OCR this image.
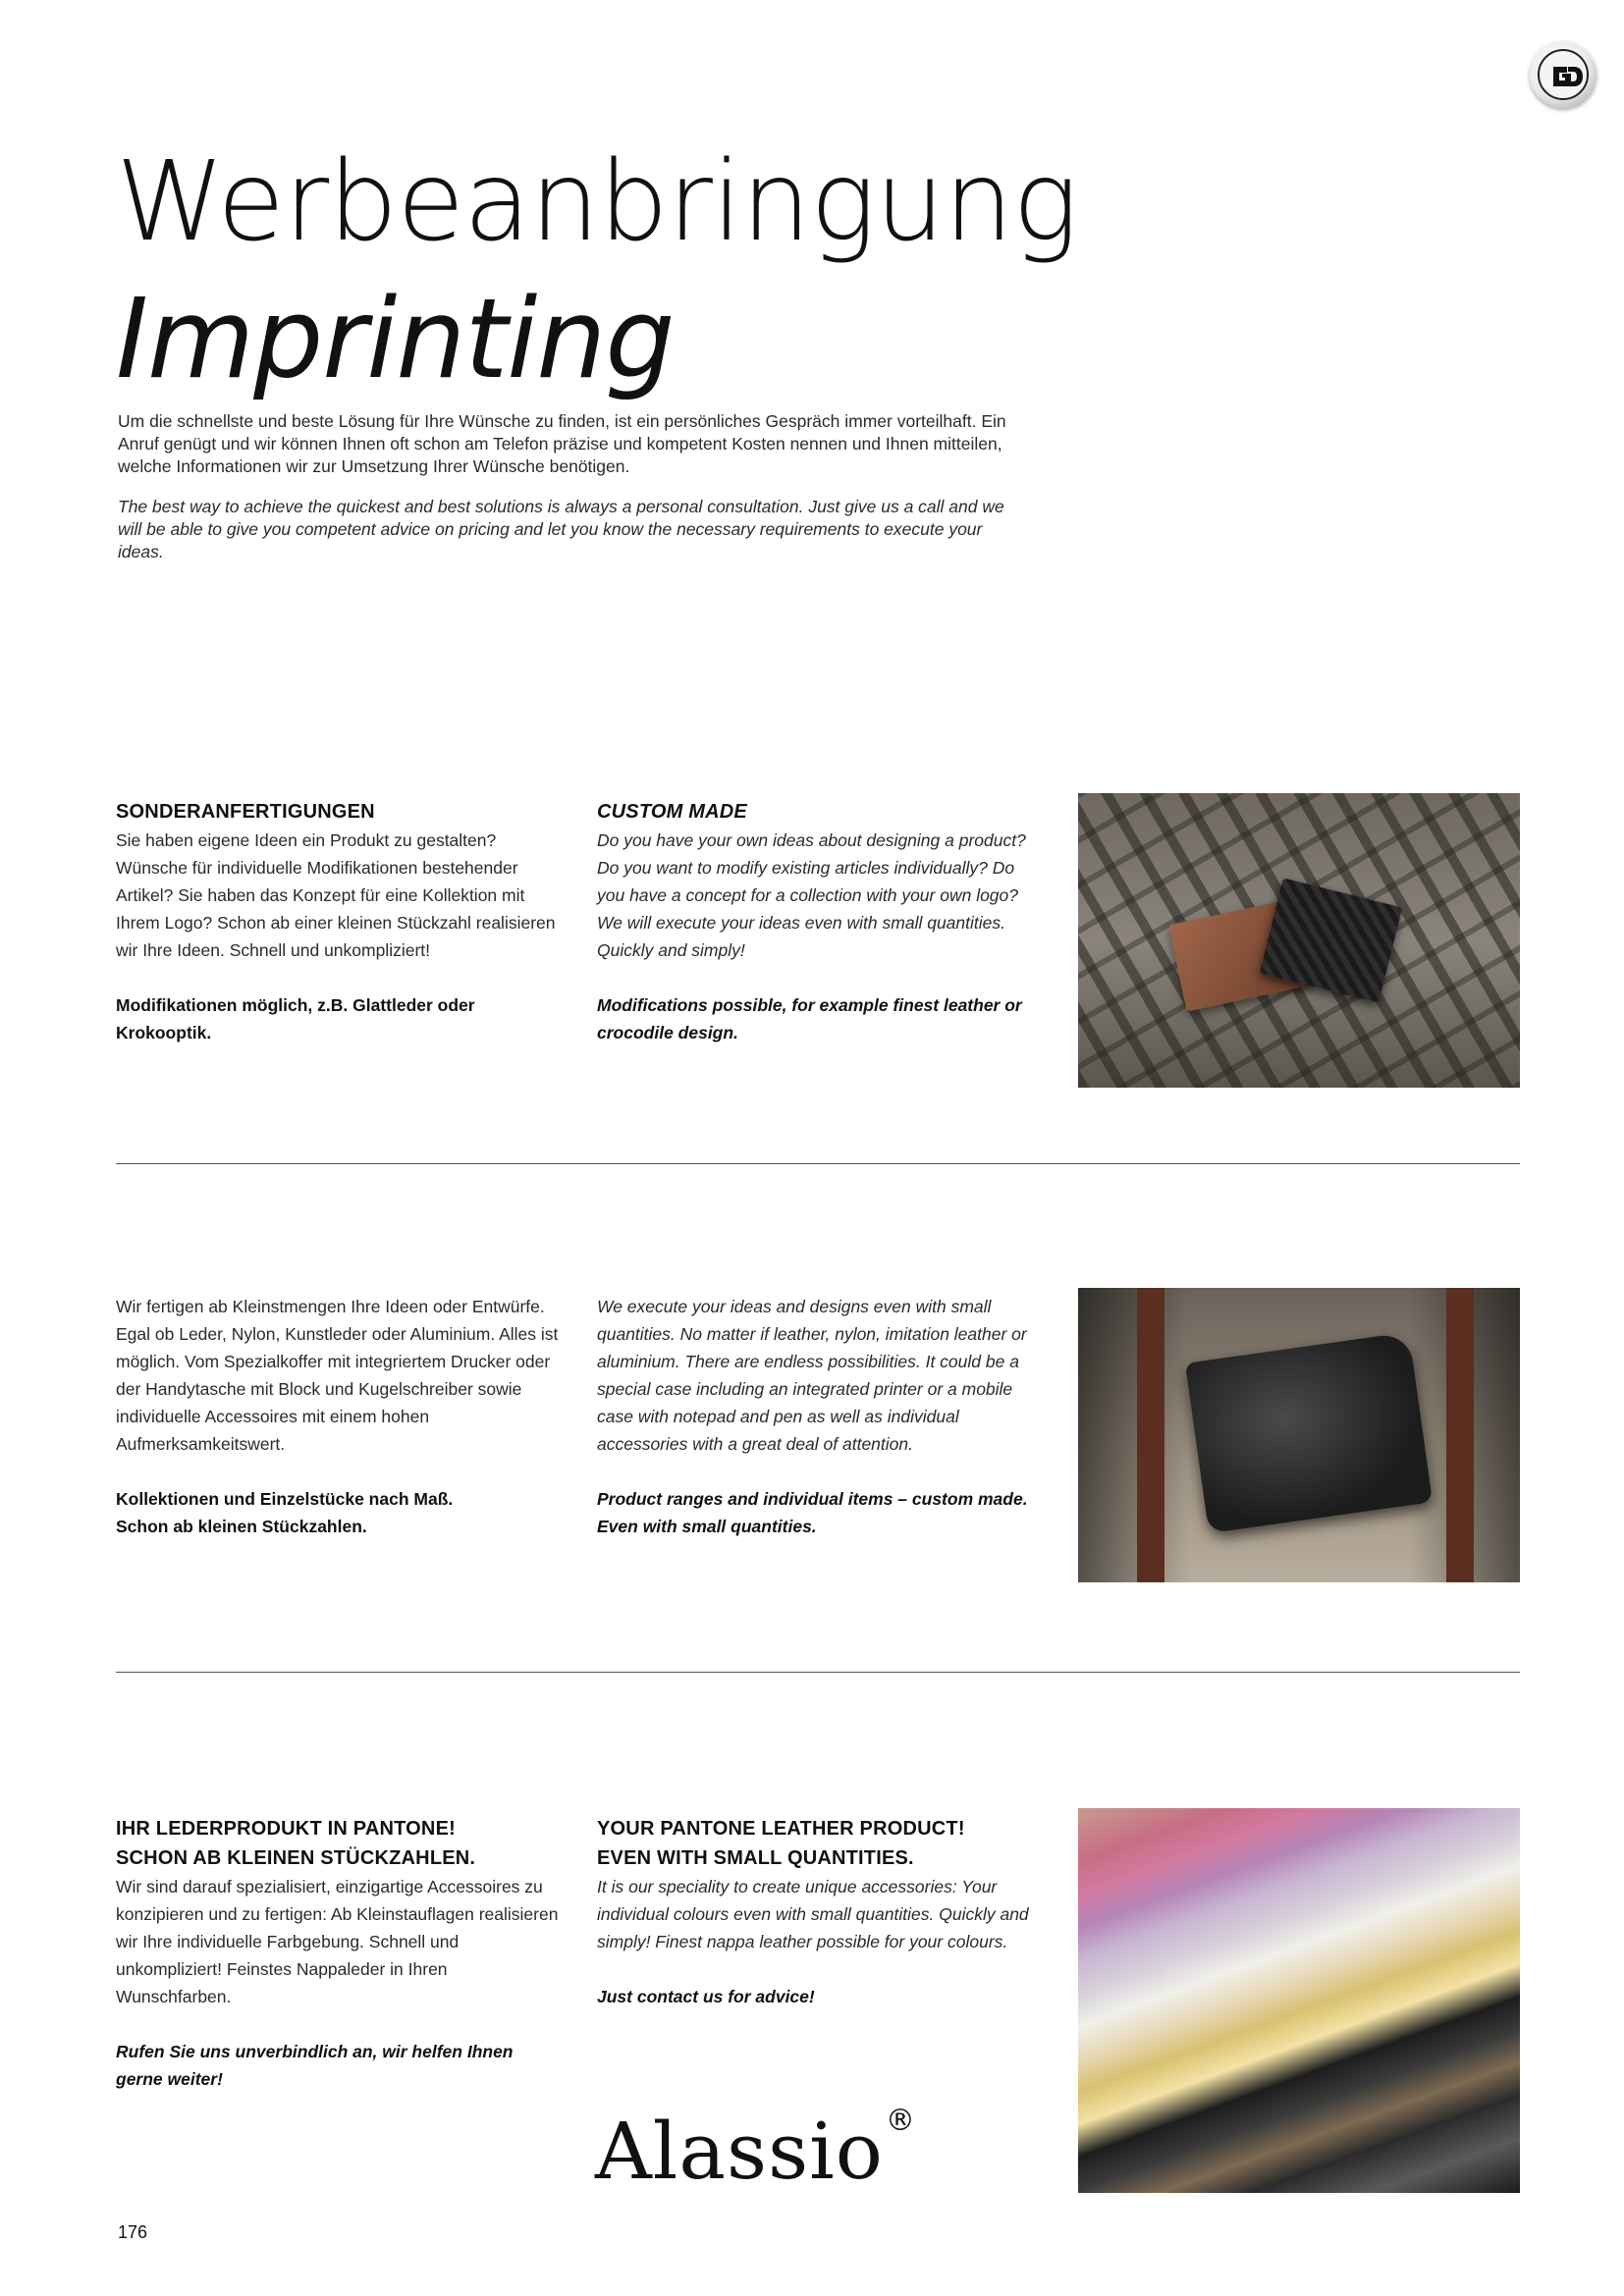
Werbeanbringung
Imprinting

Um die schnellste und beste Lösung für Ihre Wünsche zu finden, ist ein persönliches Gespräch immer vorteilhaft. Ein Anruf genügt und wir können Ihnen oft schon am Telefon präzise und kompetent Kosten nennen und Ihnen mitteilen, welche Informationen wir zur Umsetzung Ihrer Wünsche benötigen.

The best way to achieve the quickest and best solutions is always a personal consultation. Just give us a call and we will be able to give you competent advice on pricing and let you know the necessary requirements to execute your ideas.

SONDERANFERTIGUNGEN

Sie haben eigene Ideen ein Produkt zu gestalten? Wünsche für individuelle Modifikationen bestehender Artikel? Sie haben das Konzept für eine Kollektion mit Ihrem Logo? Schon ab einer kleinen Stückzahl realisieren wir Ihre Ideen. Schnell und unkompliziert!

Modifikationen möglich, z.B. Glattleder oder Krokooptik.

CUSTOM MADE

Do you have your own ideas about designing a product? Do you want to modify existing articles individually? Do you have a concept for a collection with your own logo? We will execute your ideas even with small quantities. Quickly and simply!

Modifications possible, for example finest leather or crocodile design.

Wir fertigen ab Kleinstmengen Ihre Ideen oder Entwürfe. Egal ob Leder, Nylon, Kunstleder oder Aluminium. Alles ist möglich. Vom Spezialkoffer mit integriertem Drucker oder der Handytasche mit Block und Kugelschreiber sowie individuelle Accessoires mit einem hohen Aufmerksamkeitswert.

Kollektionen und Einzelstücke nach Maß.
Schon ab kleinen Stückzahlen.

We execute your ideas and designs even with small quantities. No matter if leather, nylon, imitation leather or aluminium. There are endless possibilities. It could be a special case including an integrated printer or a mobile case with notepad and pen as well as individual accessories with a great deal of attention.

Product ranges and individual items – custom made.
Even with small quantities.

IHR LEDERPRODUKT IN PANTONE!
SCHON AB KLEINEN STÜCKZAHLEN.

Wir sind darauf spezialisiert, einzigartige Accessoires zu konzipieren und zu fertigen: Ab Kleinstauflagen realisieren wir Ihre individuelle Farbgebung. Schnell und unkompliziert! Feinstes Nappaleder in Ihren Wunschfarben.

Rufen Sie uns unverbindlich an, wir helfen Ihnen gerne weiter!

YOUR PANTONE LEATHER PRODUCT!
EVEN WITH SMALL QUANTITIES.

It is our speciality to create unique accessories: Your individual colours even with small quantities. Quickly and simply! Finest nappa leather possible for your colours.

Just contact us for advice!

Alassio®
176
